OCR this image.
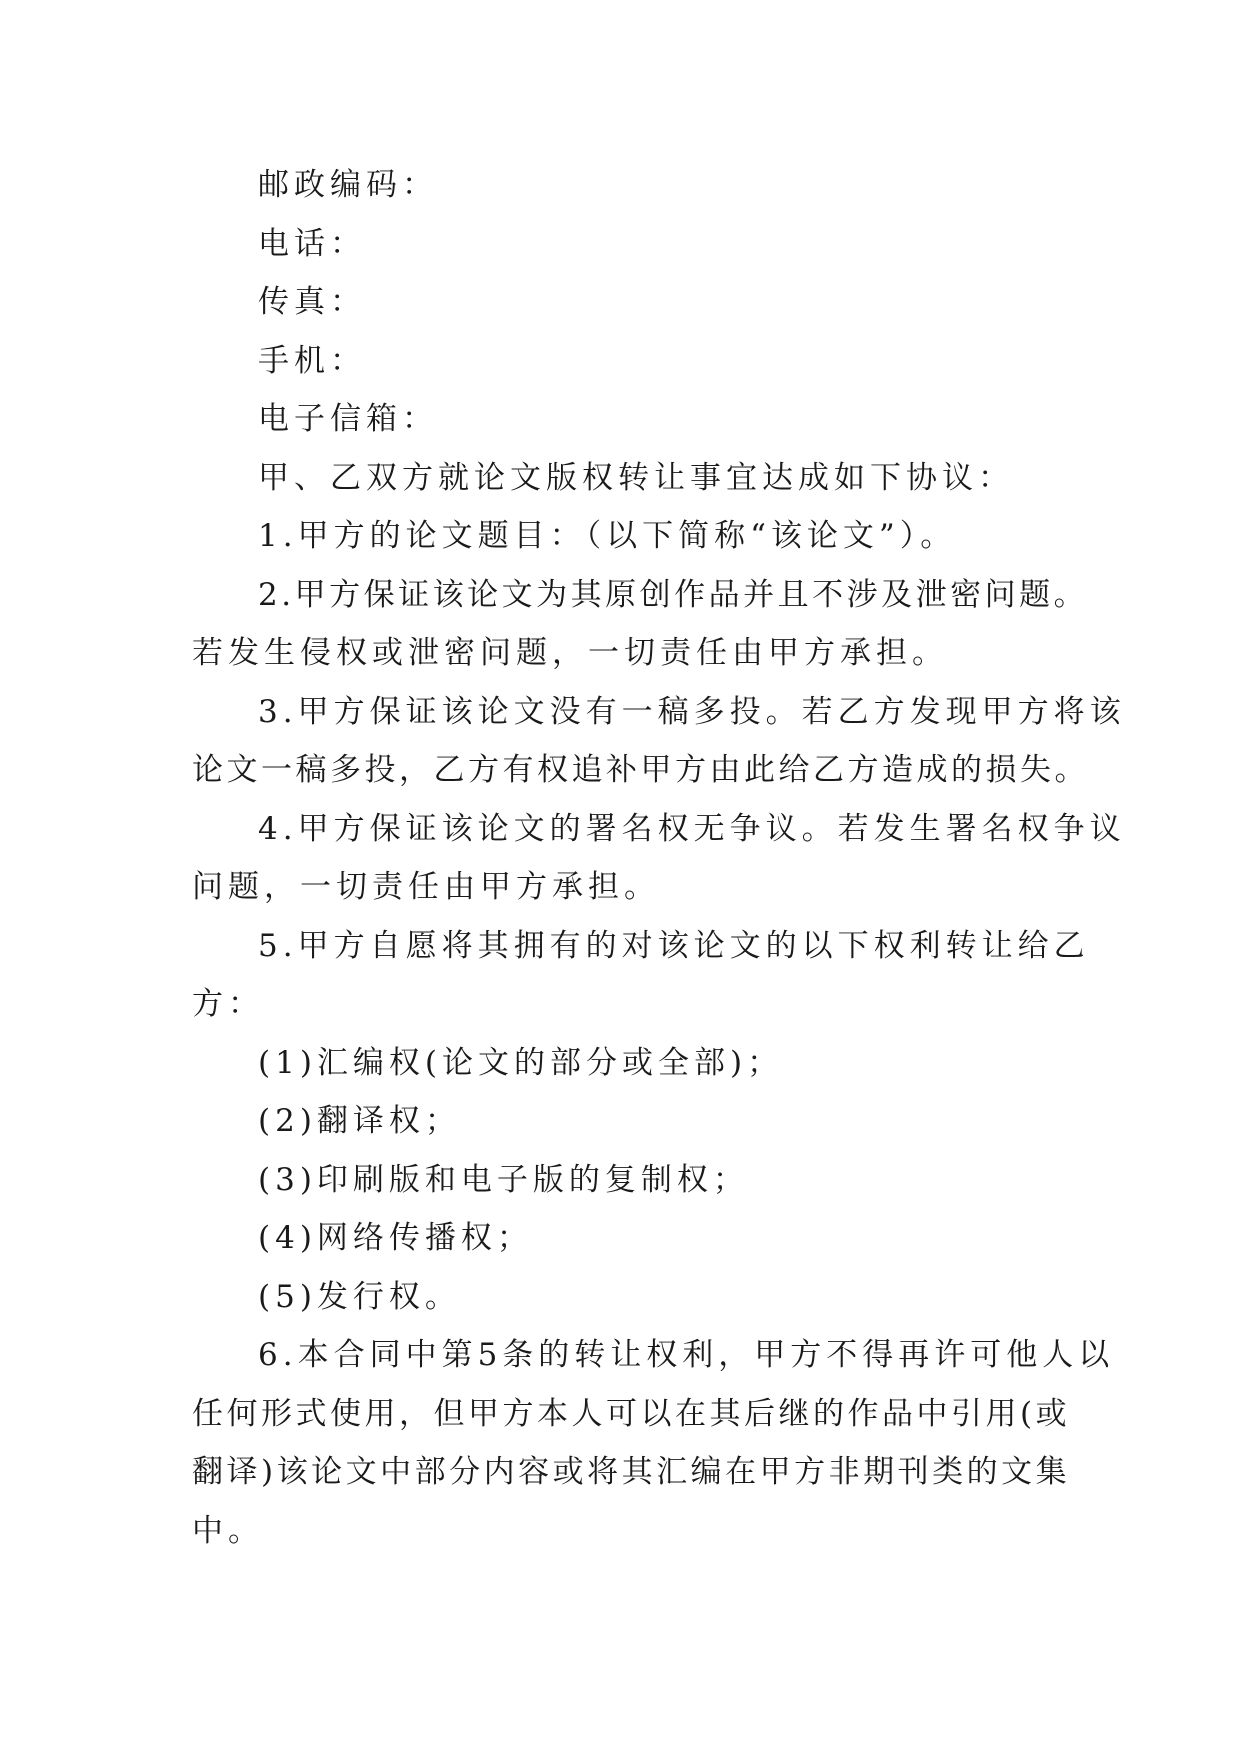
邮政编码：
电话：
传真：
手机：
电子信箱：
甲、乙双方就论文版权转让事宜达成如下协议：
1.甲方的论文题目：（以下简称“该论文”）。
2.甲方保证该论文为其原创作品并且不涉及泄密问题。
若发生侵权或泄密问题，一切责任由甲方承担。
3.甲方保证该论文没有一稿多投。若乙方发现甲方将该
论文一稿多投，乙方有权追补甲方由此给乙方造成的损失。
4.甲方保证该论文的署名权无争议。若发生署名权争议
问题，一切责任由甲方承担。
5.甲方自愿将其拥有的对该论文的以下权利转让给乙
方：
(1)汇编权(论文的部分或全部)；
(2)翻译权；
(3)印刷版和电子版的复制权；
(4)网络传播权；
(5)发行权。
6.本合同中第5条的转让权利，甲方不得再许可他人以
任何形式使用，但甲方本人可以在其后继的作品中引用(或
翻译)该论文中部分内容或将其汇编在甲方非期刊类的文集
中。
